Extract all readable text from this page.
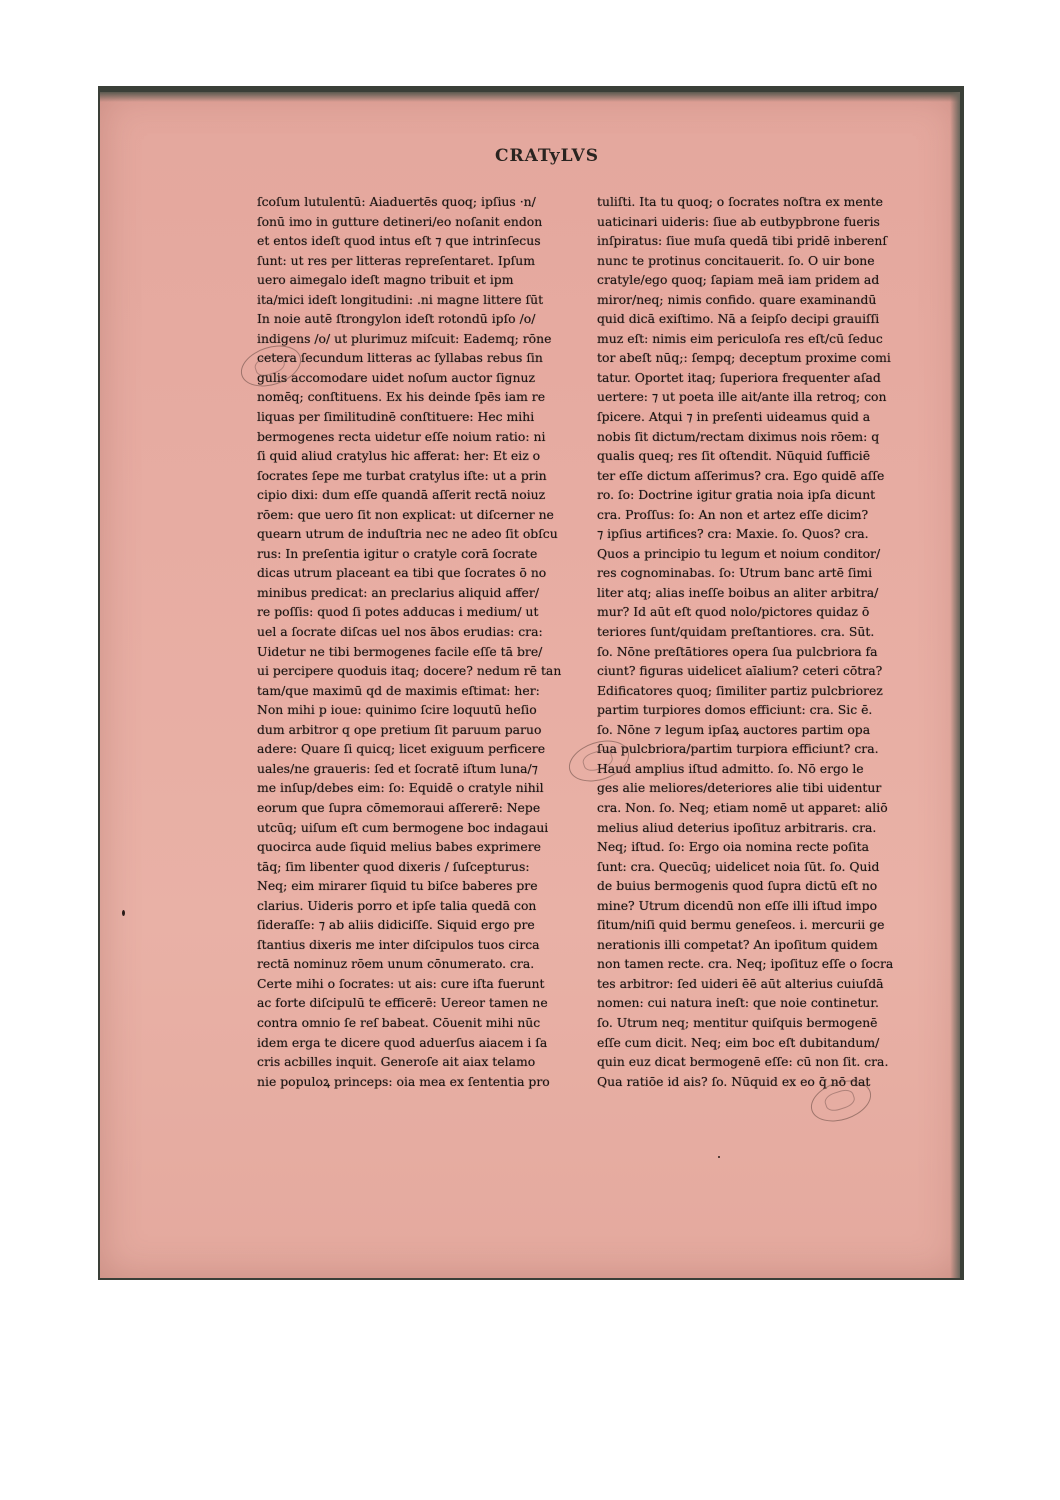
CRATyLVS
ſcoſum lutulentū: Aiaduertēs quoq; ipſius ·n/
ſonū imo in gutture detineri/eo noſanit endon
et entos ideſt quod intus eſt ⁊ que intrinſecus
ſunt: ut res per litteras repreſentaret. Ipſum
uero aimegalo ideſt magno tribuit et ipm
ita/mici ideſt longitudini: .ni magne littere ſūt
In noie autē ſtrongylon ideſt rotondū ipſo /o/
indigens /o/ ut plurimuz miſcuit: Eademq; rōne
cetera ſecundum litteras ac ſyllabas rebus ſin
gulis accomodare uidet noſum auctor ſignuz
nomēq; conſtituens. Ex his deinde ſpēs iam re
liquas per ſimilitudinē conſtituere: Hec mihi
bermogenes recta uidetur eſſe noium ratio: ni
ſi quid aliud cratylus hic afferat: her: Et eiz o
ſocrates ſepe me turbat cratylus iſte: ut a prin
cipio dixi: dum eſſe quandā aſſerit rectā noiuz
rōem: que uero ſit non explicat: ut diſcerner ne
quearn utrum de induſtria nec ne adeo ſit obſcu
rus: In preſentia igitur o cratyle corā ſocrate
dicas utrum placeant ea tibi que ſocrates ō no
minibus predicat: an preclarius aliquid affer/
re poſſis: quod ſi potes adducas i medium/ ut
uel a ſocrate diſcas uel nos ābos erudias: cra:
Uidetur ne tibi bermogenes facile eſſe tā bre/
ui percipere quoduis itaq; docere? nedum rē tan
tam/que maximū qd de maximis eſtimat: her:
Non mihi p ioue: quinimo ſcire loquutū heſio
dum arbitror q ope pretium ſit paruum paruo
adere: Quare ſi quicq; licet exiguum perficere
uales/ne graueris: ſed et ſocratē iſtum luna/⁊
me inſup/debes eim: ſo: Equidē o cratyle nihil
eorum que ſupra cōmemoraui aſſererē: Nepe
utcūq; uiſum eſt cum bermogene boc indagaui
quocirca aude ſiquid melius babes exprimere
tāq; ſim libenter quod dixeris / ſuſcepturus:
Neq; eim mirarer ſiquid tu biſce baberes pre
clarius. Uideris porro et ipſe talia quedā con
ſideraſſe: ⁊ ab aliis didiciſſe. Siquid ergo pre
ſtantius dixeris me inter diſcipulos tuos circa
rectā nominuz rōem unum cōnumerato. cra.
Certe mihi o ſocrates: ut ais: cure iſta fuerunt
ac forte diſcipulū te efficerē: Uereor tamen ne
contra omnio ſe reſ babeat. Cōuenit mihi nūc
idem erga te dicere quod aduerſus aiacem i ſa
cris acbilles inquit. Generoſe ait aiax telamo
nie populoꝝ princeps: oia mea ex ſententia pro
tuliſti. Ita tu quoq; o ſocrates noſtra ex mente
uaticinari uideris: ſiue ab eutbypbrone fueris
inſpiratus: ſiue muſa quedā tibi pridē inberenſ
nunc te protinus concitauerit. ſo. O uir bone
cratyle/ego quoq; ſapiam meā iam pridem ad
miror/neq; nimis confido. quare examinandū
quid dicā exiſtimo. Nā a ſeipſo decipi grauiſſi
muz eſt: nimis eim periculoſa res eſt/cū ſeduc
tor abeſt nūq;: ſempq; deceptum proxime comi
tatur. Oportet itaq; ſuperiora frequenter aſad
uertere: ⁊ ut poeta ille ait/ante illa retroq; con
ſpicere. Atqui ⁊ in preſenti uideamus quid a
nobis ſit dictum/rectam diximus nois rōem: q
qualis queq; res ſit oſtendit. Nūquid ſufficiē
ter eſſe dictum aſſerimus? cra. Ego quidē aſſe
ro. ſo: Doctrine igitur gratia noia ipſa dicunt
cra. Proſſus: ſo: An non et artez eſſe dicim?
⁊ ipſius artifices? cra: Maxie. ſo. Quos? cra.
Quos a principio tu legum et noium conditor/
res cognominabas. ſo: Utrum banc artē ſimi
liter atq; alias ineſſe boibus an aliter arbitra/
mur? Id aūt eſt quod nolo/pictores quidaz ō
teriores ſunt/quidam preſtantiores. cra. Sūt.
ſo. Nōne preſtātiores opera ſua pulcbriora fa
ciunt? figuras uidelicet aīalium? ceteri cōtra?
Edificatores quoq; ſimiliter partiz pulcbriorez
partim turpiores domos efficiunt: cra. Sic ē.
ſo. Nōne ⁊ legum ipſaꝝ auctores partim opa
ſua pulcbriora/partim turpiora efficiunt? cra.
Haud amplius iſtud admitto. ſo. Nō ergo le
ges alie meliores/deteriores alie tibi uidentur
cra. Non. ſo. Neq; etiam nomē ut apparet: aliō
melius aliud deterius ipoſituz arbitraris. cra.
Neq; iſtud. ſo: Ergo oia nomina recte poſita
ſunt: cra. Quecūq; uidelicet noia ſūt. ſo. Quid
de buius bermogenis quod ſupra dictū eſt no
mine? Utrum dicendū non eſſe illi iſtud impo
ſitum/niſi quid bermu geneſeos. i. mercurii ge
nerationis illi competat? An ipoſitum quidem
non tamen recte. cra. Neq; ipoſituz eſſe o ſocra
tes arbitror: ſed uideri ēē aūt alterius cuiuſdā
nomen: cui natura ineſt: que noie continetur.
ſo. Utrum neq; mentitur quiſquis bermogenē
eſſe cum dicit. Neq; eim boc eſt dubitandum/
quin euz dicat bermogenē eſſe: cū non ſit. cra.
Qua ratiōe id ais? ſo. Nūquid ex eo q̄ nō dat
